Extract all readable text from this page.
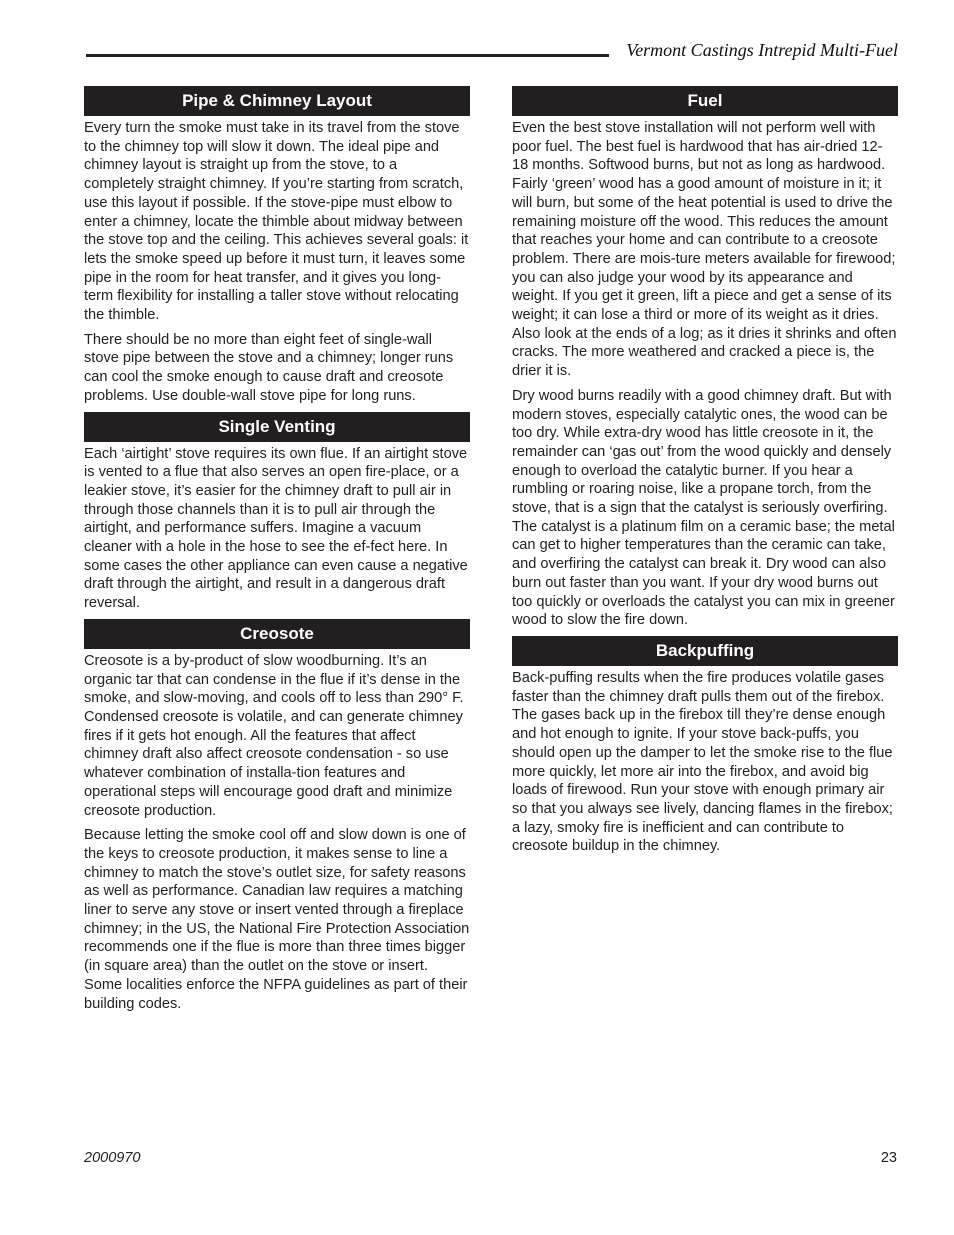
Vermont Castings Intrepid Multi-Fuel
Pipe & Chimney Layout

Every turn the smoke must take in its travel from the stove to the chimney top will slow it down. The ideal pipe and chimney layout is straight up from the stove, to a completely straight chimney. If you’re starting from scratch, use this layout if possible. If the stove-pipe must elbow to enter a chimney, locate the thimble about midway between the stove top and the ceiling. This achieves several goals: it lets the smoke speed up before it must turn, it leaves some pipe in the room for heat transfer, and it gives you long-term flexibility for installing a taller stove without relocating the thimble.

There should be no more than eight feet of single-wall stove pipe between the stove and a chimney; longer runs can cool the smoke enough to cause draft and creosote problems. Use double-wall stove pipe for long runs.

Single Venting

Each ‘airtight’ stove requires its own flue. If an airtight stove is vented to a flue that also serves an open fire-place, or a leakier stove, it’s easier for the chimney draft to pull air in through those channels than it is to pull air through the airtight, and performance suffers. Imagine a vacuum cleaner with a hole in the hose to see the ef-fect here. In some cases the other appliance can even cause a negative draft through the airtight, and result in a dangerous draft reversal.

Creosote

Creosote is a by-product of slow woodburning. It’s an organic tar that can condense in the flue if it’s dense in the smoke, and slow-moving, and cools off to less than 290° F. Condensed creosote is volatile, and can generate chimney fires if it gets hot enough. All the features that affect chimney draft also affect creosote condensation - so use whatever combination of installa-tion features and operational steps will encourage good draft and minimize creosote production.

Because letting the smoke cool off and slow down is one of the keys to creosote production, it makes sense to line a chimney to match the stove’s outlet size, for safety reasons as well as performance. Canadian law requires a matching liner to serve any stove or insert vented through a fireplace chimney; in the US, the National Fire Protection Association recommends one if the flue is more than three times bigger (in square area) than the outlet on the stove or insert. Some localities enforce the NFPA guidelines as part of their building codes.

Fuel

Even the best stove installation will not perform well with poor fuel. The best fuel is hardwood that has air-dried 12-18 months. Softwood burns, but not as long as hardwood. Fairly ‘green’ wood has a good amount of moisture in it; it will burn, but some of the heat potential is used to drive the remaining moisture off the wood. This reduces the amount that reaches your home and can contribute to a creosote problem. There are mois-ture meters available for firewood; you can also judge your wood by its appearance and weight. If you get it green, lift a piece and get a sense of its weight; it can lose a third or more of its weight as it dries. Also look at the ends of a log; as it dries it shrinks and often cracks. The more weathered and cracked a piece is, the drier it is.

Dry wood burns readily with a good chimney draft. But with modern stoves, especially catalytic ones, the wood can be too dry. While extra-dry wood has little creosote in it, the remainder can ‘gas out’ from the wood quickly and densely enough to overload the catalytic burner. If you hear a rumbling or roaring noise, like a propane torch, from the stove, that is a sign that the catalyst is seriously overfiring. The catalyst is a platinum film on a ceramic base; the metal can get to higher temperatures than the ceramic can take, and overfiring the catalyst can break it. Dry wood can also burn out faster than you want. If your dry wood burns out too quickly or overloads the catalyst you can mix in greener wood to slow the fire down.

Backpuffing

Back-puffing results when the fire produces volatile gases faster than the chimney draft pulls them out of the firebox. The gases back up in the firebox till they’re dense enough and hot enough to ignite. If your stove back-puffs, you should open up the damper to let the smoke rise to the flue more quickly, let more air into the firebox, and avoid big loads of firewood. Run your stove with enough primary air so that you always see lively, dancing flames in the firebox; a lazy, smoky fire is inefficient and can contribute to creosote buildup in the chimney.

2000970	23
